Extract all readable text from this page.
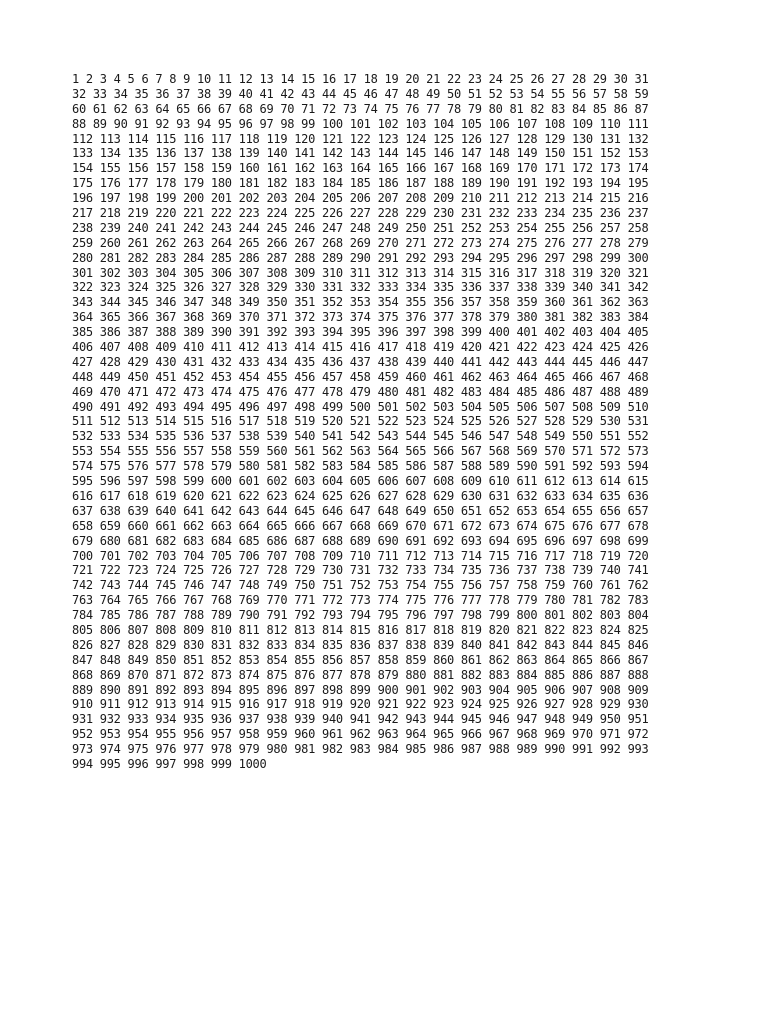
1 2 3 4 5 6 7 8 9 10 11 12 13 14 15 16 17 18 19 20 21 22 23 24 25 26 27 28 29 30 31
32 33 34 35 36 37 38 39 40 41 42 43 44 45 46 47 48 49 50 51 52 53 54 55 56 57 58 59
60 61 62 63 64 65 66 67 68 69 70 71 72 73 74 75 76 77 78 79 80 81 82 83 84 85 86 87
88 89 90 91 92 93 94 95 96 97 98 99 100 101 102 103 104 105 106 107 108 109 110 111
112 113 114 115 116 117 118 119 120 121 122 123 124 125 126 127 128 129 130 131 132
133 134 135 136 137 138 139 140 141 142 143 144 145 146 147 148 149 150 151 152 153
154 155 156 157 158 159 160 161 162 163 164 165 166 167 168 169 170 171 172 173 174
175 176 177 178 179 180 181 182 183 184 185 186 187 188 189 190 191 192 193 194 195
196 197 198 199 200 201 202 203 204 205 206 207 208 209 210 211 212 213 214 215 216
217 218 219 220 221 222 223 224 225 226 227 228 229 230 231 232 233 234 235 236 237
238 239 240 241 242 243 244 245 246 247 248 249 250 251 252 253 254 255 256 257 258
259 260 261 262 263 264 265 266 267 268 269 270 271 272 273 274 275 276 277 278 279
280 281 282 283 284 285 286 287 288 289 290 291 292 293 294 295 296 297 298 299 300
301 302 303 304 305 306 307 308 309 310 311 312 313 314 315 316 317 318 319 320 321
322 323 324 325 326 327 328 329 330 331 332 333 334 335 336 337 338 339 340 341 342
343 344 345 346 347 348 349 350 351 352 353 354 355 356 357 358 359 360 361 362 363
364 365 366 367 368 369 370 371 372 373 374 375 376 377 378 379 380 381 382 383 384
385 386 387 388 389 390 391 392 393 394 395 396 397 398 399 400 401 402 403 404 405
406 407 408 409 410 411 412 413 414 415 416 417 418 419 420 421 422 423 424 425 426
427 428 429 430 431 432 433 434 435 436 437 438 439 440 441 442 443 444 445 446 447
448 449 450 451 452 453 454 455 456 457 458 459 460 461 462 463 464 465 466 467 468
469 470 471 472 473 474 475 476 477 478 479 480 481 482 483 484 485 486 487 488 489
490 491 492 493 494 495 496 497 498 499 500 501 502 503 504 505 506 507 508 509 510
511 512 513 514 515 516 517 518 519 520 521 522 523 524 525 526 527 528 529 530 531
532 533 534 535 536 537 538 539 540 541 542 543 544 545 546 547 548 549 550 551 552
553 554 555 556 557 558 559 560 561 562 563 564 565 566 567 568 569 570 571 572 573
574 575 576 577 578 579 580 581 582 583 584 585 586 587 588 589 590 591 592 593 594
595 596 597 598 599 600 601 602 603 604 605 606 607 608 609 610 611 612 613 614 615
616 617 618 619 620 621 622 623 624 625 626 627 628 629 630 631 632 633 634 635 636
637 638 639 640 641 642 643 644 645 646 647 648 649 650 651 652 653 654 655 656 657
658 659 660 661 662 663 664 665 666 667 668 669 670 671 672 673 674 675 676 677 678
679 680 681 682 683 684 685 686 687 688 689 690 691 692 693 694 695 696 697 698 699
700 701 702 703 704 705 706 707 708 709 710 711 712 713 714 715 716 717 718 719 720
721 722 723 724 725 726 727 728 729 730 731 732 733 734 735 736 737 738 739 740 741
742 743 744 745 746 747 748 749 750 751 752 753 754 755 756 757 758 759 760 761 762
763 764 765 766 767 768 769 770 771 772 773 774 775 776 777 778 779 780 781 782 783
784 785 786 787 788 789 790 791 792 793 794 795 796 797 798 799 800 801 802 803 804
805 806 807 808 809 810 811 812 813 814 815 816 817 818 819 820 821 822 823 824 825
826 827 828 829 830 831 832 833 834 835 836 837 838 839 840 841 842 843 844 845 846
847 848 849 850 851 852 853 854 855 856 857 858 859 860 861 862 863 864 865 866 867
868 869 870 871 872 873 874 875 876 877 878 879 880 881 882 883 884 885 886 887 888
889 890 891 892 893 894 895 896 897 898 899 900 901 902 903 904 905 906 907 908 909
910 911 912 913 914 915 916 917 918 919 920 921 922 923 924 925 926 927 928 929 930
931 932 933 934 935 936 937 938 939 940 941 942 943 944 945 946 947 948 949 950 951
952 953 954 955 956 957 958 959 960 961 962 963 964 965 966 967 968 969 970 971 972
973 974 975 976 977 978 979 980 981 982 983 984 985 986 987 988 989 990 991 992 993
994 995 996 997 998 999 1000
